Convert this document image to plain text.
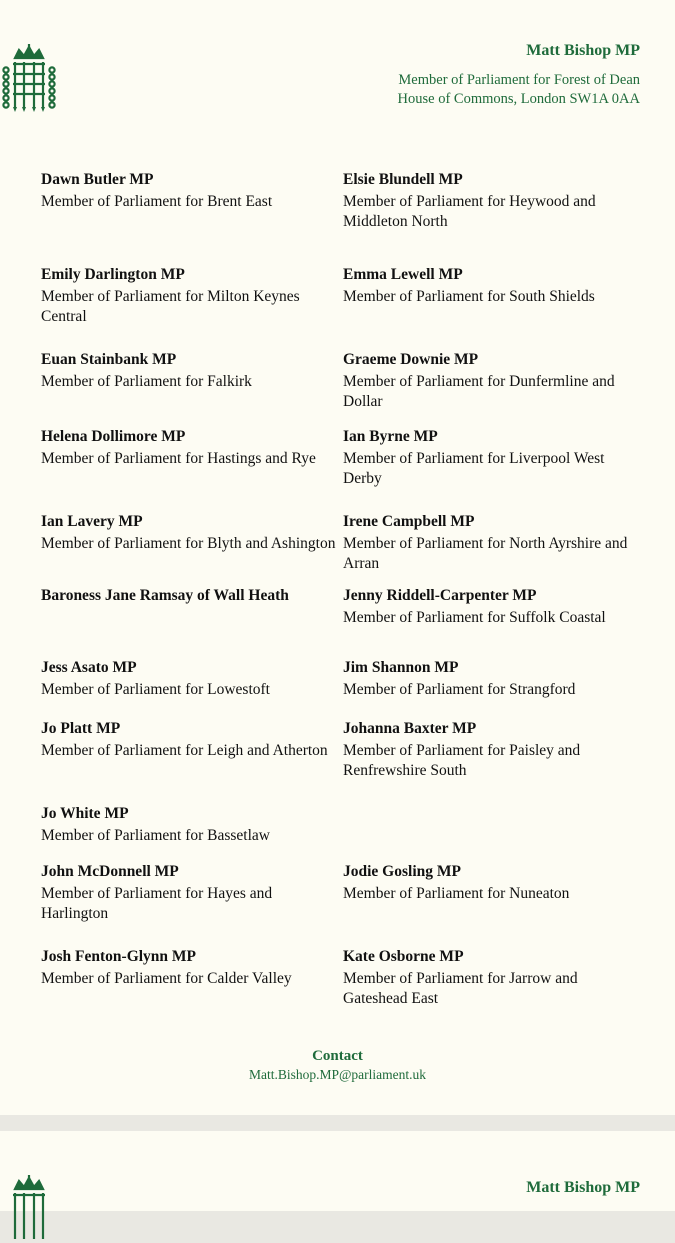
Matt Bishop MP
Member of Parliament for Forest of Dean
House of Commons, London SW1A 0AA
Dawn Butler MP
Member of Parliament for Brent East
Elsie Blundell MP
Member of Parliament for Heywood and Middleton North
Emily Darlington MP
Member of Parliament for Milton Keynes Central
Emma Lewell MP
Member of Parliament for South Shields
Euan Stainbank MP
Member of Parliament for Falkirk
Graeme Downie MP
Member of Parliament for Dunfermline and Dollar
Helena Dollimore MP
Member of Parliament for Hastings and Rye
Ian Byrne MP
Member of Parliament for Liverpool West Derby
Ian Lavery MP
Member of Parliament for Blyth and Ashington
Irene Campbell MP
Member of Parliament for North Ayrshire and Arran
Baroness Jane Ramsay of Wall Heath	Jenny Riddell-Carpenter MP
Member of Parliament for Suffolk Coastal
Jess Asato MP
Member of Parliament for Lowestoft
Jim Shannon MP
Member of Parliament for Strangford
Jo Platt MP
Member of Parliament for Leigh and Atherton
Johanna Baxter MP
Member of Parliament for Paisley and Renfrewshire South
Jo White MP
Member of Parliament for Bassetlaw
John McDonnell MP
Member of Parliament for Hayes and Harlington
Jodie Gosling MP
Member of Parliament for Nuneaton
Josh Fenton-Glynn MP
Member of Parliament for Calder Valley
Kate Osborne MP
Member of Parliament for Jarrow and Gateshead East
Contact
Matt.Bishop.MP@parliament.uk
Matt Bishop MP
